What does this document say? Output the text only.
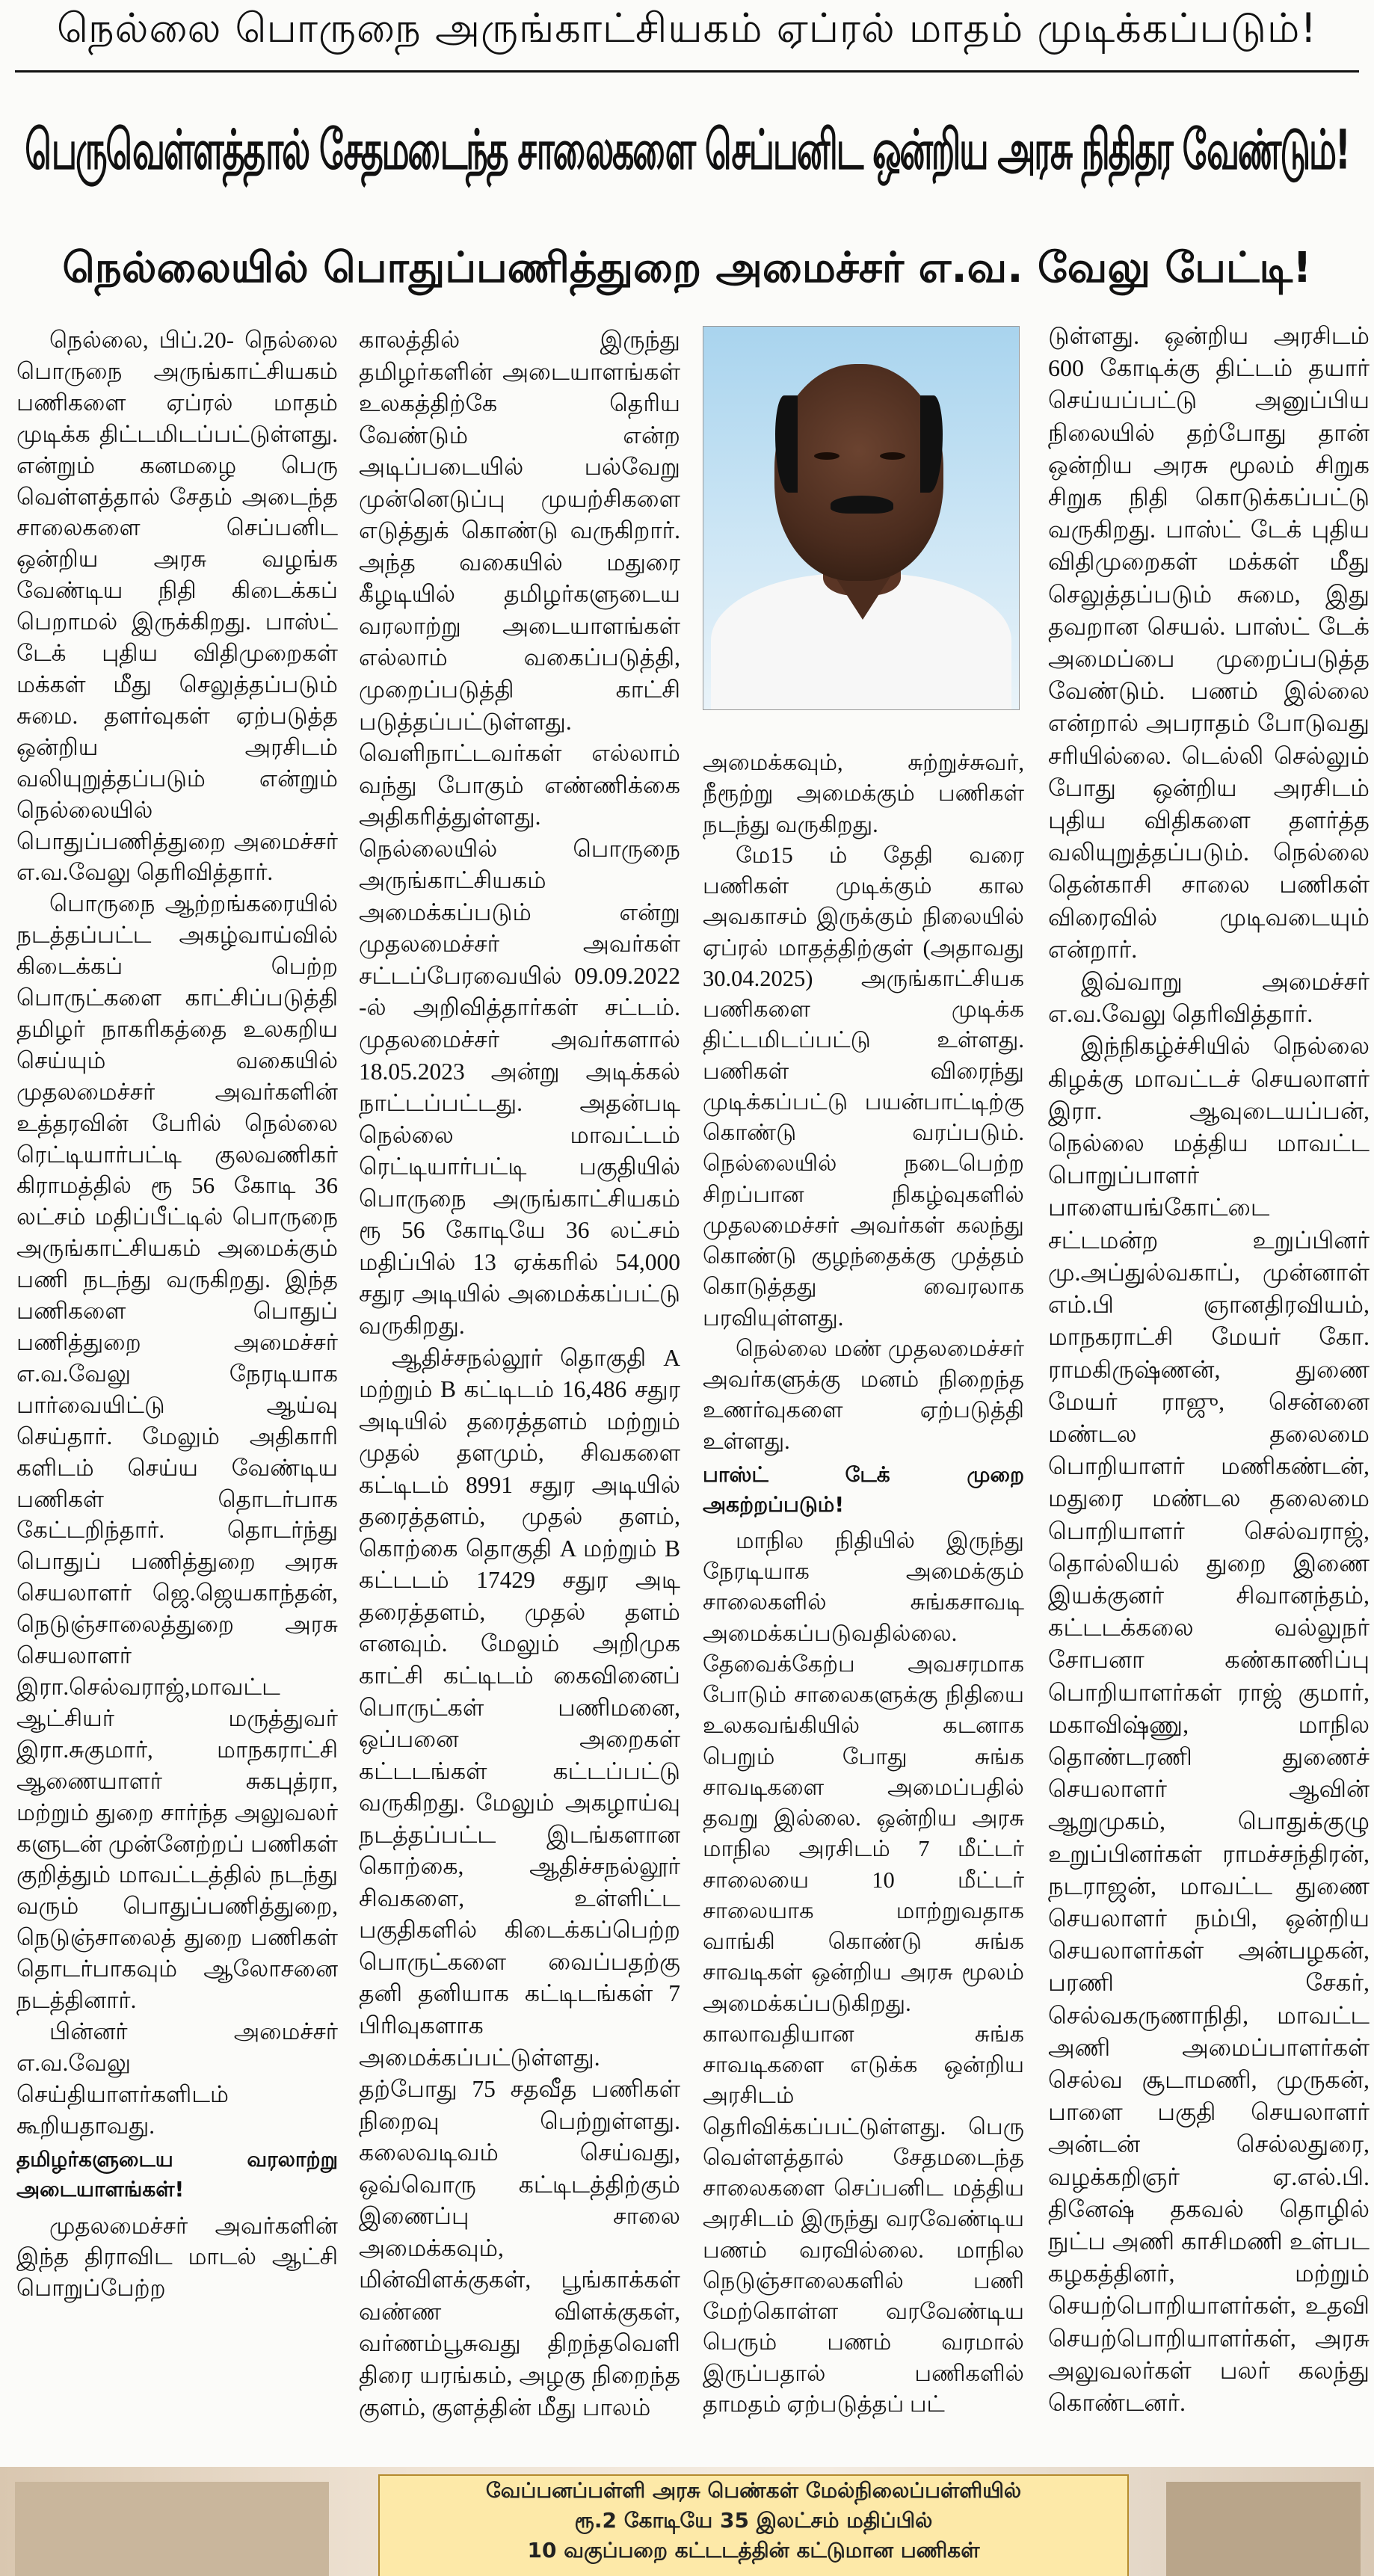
நெல்லை பொருநை அருங்காட்சியகம் ஏப்ரல் மாதம் முடிக்கப்படும்!
பெருவெள்ளத்தால் சேதமடைந்த சாலைகளை செப்பனிட ஒன்றிய அரசு நிதிதர வேண்டும்!
நெல்லையில் பொதுப்பணித்துறை அமைச்சர் எ.வ. வேலு பேட்டி!

நெல்லை, பிப்.20- நெல்லை பொருநை அருங்காட்சியகம் பணிகளை ஏப்ரல் மாதம் முடிக்க திட்டமிடப்பட்டுள்ளது. என்றும் கனமழை பெரு வெள்ளத்தால் சேதம் அடைந்த சாலைகளை செப்பனிட ஒன்றிய அரசு வழங்க வேண்டிய நிதி கிடைக்கப் பெறாமல் இருக்கிறது. பாஸ்ட் டேக் புதிய விதிமுறைகள் மக்கள் மீது செலுத்தப்படும் சுமை. தளர்வுகள் ஏற்படுத்த ஒன்றிய அரசிடம் வலியுறுத்தப்படும் என்றும் நெல்லையில் பொதுப்பணித்துறை அமைச்சர் எ.வ.வேலு தெரிவித்தார்.

பொருநை ஆற்றங்கரையில் நடத்தப்பட்ட அகழ்வாய்வில் கிடைக்கப் பெற்ற பொருட்களை காட்சிப்படுத்தி தமிழர் நாகரிகத்தை உலகறிய செய்யும் வகையில் முதலமைச்சர் அவர்களின் உத்தரவின் பேரில் நெல்லை ரெட்டியார்பட்டி குலவணிகர் கிராமத்தில் ரூ 56 கோடி 36 லட்சம் மதிப்பீட்டில் பொருநை அருங்காட்சியகம் அமைக்கும் பணி நடந்து வருகிறது. இந்த பணிகளை பொதுப் பணித்துறை அமைச்சர் எ.வ.வேலு நேரடியாக பார்வையிட்டு ஆய்வு செய்தார். மேலும் அதிகாரி களிடம் செய்ய வேண்டிய பணிகள் தொடர்பாக கேட்டறிந்தார். தொடர்ந்து பொதுப் பணித்துறை அரசு செயலாளர் ஜெ.ஜெயகாந்தன், நெடுஞ்சாலைத்துறை அரசு செயலாளர் இரா.செல்வராஜ்,மாவட்ட ஆட்சியர் மருத்துவர் இரா.சுகுமார், மாநகராட்சி ஆணையாளர் சுகபுத்ரா, மற்றும் துறை சார்ந்த அலுவலர் களுடன் முன்னேற்றப் பணிகள் குறித்தும் மாவட்டத்தில் நடந்து வரும் பொதுப்பணித்துறை, நெடுஞ்சாலைத் துறை பணிகள் தொடர்பாகவும் ஆலோசனை நடத்தினார்.

பின்னர் அமைச்சர் எ.வ.வேலு செய்தியாளர்களிடம் கூறியதாவது.

தமிழர்களுடைய வரலாற்று அடையாளங்கள்!

முதலமைச்சர் அவர்களின் இந்த திராவிட மாடல் ஆட்சி பொறுப்பேற்ற

காலத்தில் இருந்து தமிழர்களின் அடையாளங்கள் உலகத்திற்கே தெரிய வேண்டும் என்ற அடிப்படையில் பல்வேறு முன்னெடுப்பு முயற்சிகளை எடுத்துக் கொண்டு வருகிறார். அந்த வகையில் மதுரை கீழடியில் தமிழர்களுடைய வரலாற்று அடையாளங்கள் எல்லாம் வகைப்படுத்தி, முறைப்படுத்தி காட்சி படுத்தப்பட்டுள்ளது. வெளிநாட்டவர்கள் எல்லாம் வந்து போகும் எண்ணிக்கை அதிகரித்துள்ளது. நெல்லையில் பொருநை அருங்காட்சியகம் அமைக்கப்படும் என்று முதலமைச்சர் அவர்கள் சட்டப்பேரவையில் 09.09.2022 -ல் அறிவித்தார்கள் சட்டம். முதலமைச்சர் அவர்களால் 18.05.2023 அன்று அடிக்கல் நாட்டப்பட்டது. அதன்படி நெல்லை மாவட்டம் ரெட்டியார்பட்டி பகுதியில் பொருநை அருங்காட்சியகம் ரூ 56 கோடியே 36 லட்சம் மதிப்பில் 13 ஏக்கரில் 54,000 சதுர அடியில் அமைக்கப்பட்டு வருகிறது.

ஆதிச்சநல்லூர் தொகுதி A மற்றும் B கட்டிடம் 16,486 சதுர அடியில் தரைத்தளம் மற்றும் முதல் தளமும், சிவகளை கட்டிடம் 8991 சதுர அடியில் தரைத்தளம், முதல் தளம், கொற்கை தொகுதி A மற்றும் B கட்டடம் 17429 சதுர அடி தரைத்தளம், முதல் தளம் எனவும். மேலும் அறிமுக காட்சி கட்டிடம் கைவினைப் பொருட்கள் பணிமனை, ஒப்பனை அறைகள் கட்டடங்கள் கட்டப்பட்டு வருகிறது. மேலும் அகழாய்வு நடத்தப்பட்ட இடங்களான கொற்கை, ஆதிச்சநல்லூர் சிவகளை, உள்ளிட்ட பகுதிகளில் கிடைக்கப்பெற்ற பொருட்களை வைப்பதற்கு தனி தனியாக கட்டிடங்கள் 7 பிரிவுகளாக அமைக்கப்பட்டுள்ளது. தற்போது 75 சதவீத பணிகள் நிறைவு பெற்றுள்ளது. கலைவடிவம் செய்வது, ஒவ்வொரு கட்டிடத்திற்கும் இணைப்பு சாலை அமைக்கவும், மின்விளக்குகள், பூங்காக்கள் வண்ண விளக்குகள், வர்ணம்பூசுவது திறந்தவெளி திரை யரங்கம், அழகு நிறைந்த குளம், குளத்தின் மீது பாலம்

அமைக்கவும், சுற்றுச்சுவர், நீரூற்று அமைக்கும் பணிகள் நடந்து வருகிறது.

மே15 ம் தேதி வரை பணிகள் முடிக்கும் கால அவகாசம் இருக்கும் நிலையில் ஏப்ரல் மாதத்திற்குள் (அதாவது 30.04.2025) அருங்காட்சியக பணிகளை முடிக்க திட்டமிடப்பட்டு உள்ளது. பணிகள் விரைந்து முடிக்கப்பட்டு பயன்பாட்டிற்கு கொண்டு வரப்படும். நெல்லையில் நடைபெற்ற சிறப்பான நிகழ்வுகளில் முதலமைச்சர் அவர்கள் கலந்து கொண்டு குழந்தைக்கு முத்தம் கொடுத்தது வைரலாக பரவியுள்ளது.

நெல்லை மண் முதலமைச்சர் அவர்களுக்கு மனம் நிறைந்த உணர்வுகளை ஏற்படுத்தி உள்ளது.

பாஸ்ட் டேக் முறை அகற்றப்படும்!

மாநில நிதியில் இருந்து நேரடியாக அமைக்கும் சாலைகளில் சுங்கசாவடி அமைக்கப்படுவதில்லை. தேவைக்கேற்ப அவசரமாக போடும் சாலைகளுக்கு நிதியை உலகவங்கியில் கடனாக பெறும் போது சுங்க சாவடிகளை அமைப்பதில் தவறு இல்லை. ஒன்றிய அரசு மாநில அரசிடம் 7 மீட்டர் சாலையை 10 மீட்டர் சாலையாக மாற்றுவதாக வாங்கி கொண்டு சுங்க சாவடிகள் ஒன்றிய அரசு மூலம் அமைக்கப்படுகிறது. காலாவதியான சுங்க சாவடிகளை எடுக்க ஒன்றிய அரசிடம் தெரிவிக்கப்பட்டுள்ளது. பெரு வெள்ளத்தால் சேதமடைந்த சாலைகளை செப்பனிட மத்திய அரசிடம் இருந்து வரவேண்டிய பணம் வரவில்லை. மாநில நெடுஞ்சாலைகளில் பணி மேற்கொள்ள வரவேண்டிய பெரும் பணம் வரமால் இருப்பதால் பணிகளில் தாமதம் ஏற்படுத்தப் பட்

டுள்ளது. ஒன்றிய அரசிடம் 600 கோடிக்கு திட்டம் தயார் செய்யப்பட்டு அனுப்பிய நிலையில் தற்போது தான் ஒன்றிய அரசு மூலம் சிறுக சிறுக நிதி கொடுக்கப்பட்டு வருகிறது. பாஸ்ட் டேக் புதிய விதிமுறைகள் மக்கள் மீது செலுத்தப்படும் சுமை, இது தவறான செயல். பாஸ்ட் டேக் அமைப்பை முறைப்படுத்த வேண்டும். பணம் இல்லை என்றால் அபராதம் போடுவது சரியில்லை. டெல்லி செல்லும் போது ஒன்றிய அரசிடம் புதிய விதிகளை தளர்த்த வலியுறுத்தப்படும். நெல்லை தென்காசி சாலை பணிகள் விரைவில் முடிவடையும் என்றார்.

இவ்வாறு அமைச்சர் எ.வ.வேலு தெரிவித்தார்.

இந்நிகழ்ச்சியில் நெல்லை கிழக்கு மாவட்டச் செயலாளர் இரா. ஆவுடையப்பன், நெல்லை மத்திய மாவட்ட பொறுப்பாளர் பாளையங்கோட்டை சட்டமன்ற உறுப்பினர் மு.அப்துல்வகாப், முன்னாள் எம்.பி ஞானதிரவியம், மாநகராட்சி மேயர் கோ. ராமகிருஷ்ணன், துணை மேயர் ராஜு, சென்னை மண்டல தலைமை பொறியாளர் மணிகண்டன், மதுரை மண்டல தலைமை பொறியாளர் செல்வராஜ், தொல்லியல் துறை இணை இயக்குனர் சிவானந்தம், கட்டடக்கலை வல்லுநர் சோபனா கண்காணிப்பு பொறியாளர்கள் ராஜ் குமார், மகாவிஷ்ணு, மாநில தொண்டரணி துணைச் செயலாளர் ஆவின் ஆறுமுகம், பொதுக்குழு உறுப்பினர்கள் ராமச்சந்திரன், நடராஜன், மாவட்ட துணை செயலாளர் நம்பி, ஒன்றிய செயலாளர்கள் அன்பழகன், பரணி சேகர், செல்வகருணாநிதி, மாவட்ட அணி அமைப்பாளர்கள் செல்வ சூடாமணி, முருகன், பாளை பகுதி செயலாளர் அன்டன் செல்லதுரை, வழக்கறிஞர் ஏ.எல்.பி. தினேஷ் தகவல் தொழில் நுட்ப அணி காசிமணி உள்பட கழகத்தினர், மற்றும் செயற்பொறியாளர்கள், உதவி செயற்பொறியாளர்கள், அரசு அலுவலர்கள் பலர் கலந்து கொண்டனர்.

வேப்பனப்பள்ளி அரசு பெண்கள் மேல்நிலைப்பள்ளியில்
ரூ.2 கோடியே 35 இலட்சம் மதிப்பில்
10 வகுப்பறை கட்டடத்தின் கட்டுமான பணிகள்
